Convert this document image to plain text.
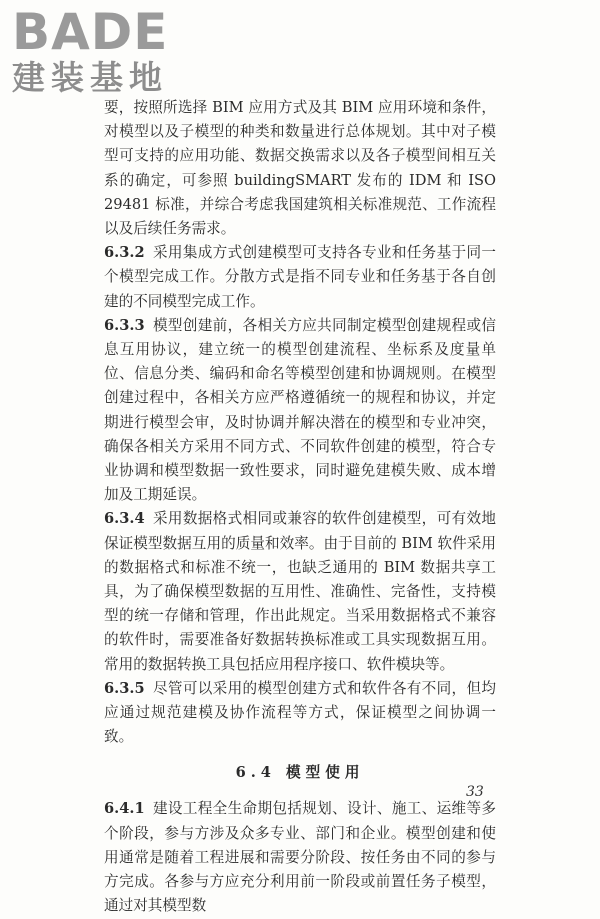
BADE
建装基地

要，按照所选择 BIM 应用方式及其 BIM 应用环境和条件，对模型以及子模型的种类和数量进行总体规划。其中对子模型可支持的应用功能、数据交换需求以及各子模型间相互关系的确定，可参照 buildingSMART 发布的 IDM 和 ISO 29481 标准，并综合考虑我国建筑相关标准规范、工作流程以及后续任务需求。

6.3.2 采用集成方式创建模型可支持各专业和任务基于同一个模型完成工作。分散方式是指不同专业和任务基于各自创建的不同模型完成工作。

6.3.3 模型创建前，各相关方应共同制定模型创建规程或信息互用协议，建立统一的模型创建流程、坐标系及度量单位、信息分类、编码和命名等模型创建和协调规则。在模型创建过程中，各相关方应严格遵循统一的规程和协议，并定期进行模型会审，及时协调并解决潜在的模型和专业冲突，确保各相关方采用不同方式、不同软件创建的模型，符合专业协调和模型数据一致性要求，同时避免建模失败、成本增加及工期延误。

6.3.4 采用数据格式相同或兼容的软件创建模型，可有效地保证模型数据互用的质量和效率。由于目前的 BIM 软件采用的数据格式和标准不统一，也缺乏通用的 BIM 数据共享工具，为了确保模型数据的互用性、准确性、完备性，支持模型的统一存储和管理，作出此规定。当采用数据格式不兼容的软件时，需要准备好数据转换标准或工具实现数据互用。常用的数据转换工具包括应用程序接口、软件模块等。

6.3.5 尽管可以采用的模型创建方式和软件各有不同，但均应通过规范建模及协作流程等方式，保证模型之间协调一致。

6.4 模型使用

6.4.1 建设工程全生命期包括规划、设计、施工、运维等多个阶段，参与方涉及众多专业、部门和企业。模型创建和使用通常是随着工程进展和需要分阶段、按任务由不同的参与方完成。各参与方应充分利用前一阶段或前置任务子模型，通过对其模型数

33
